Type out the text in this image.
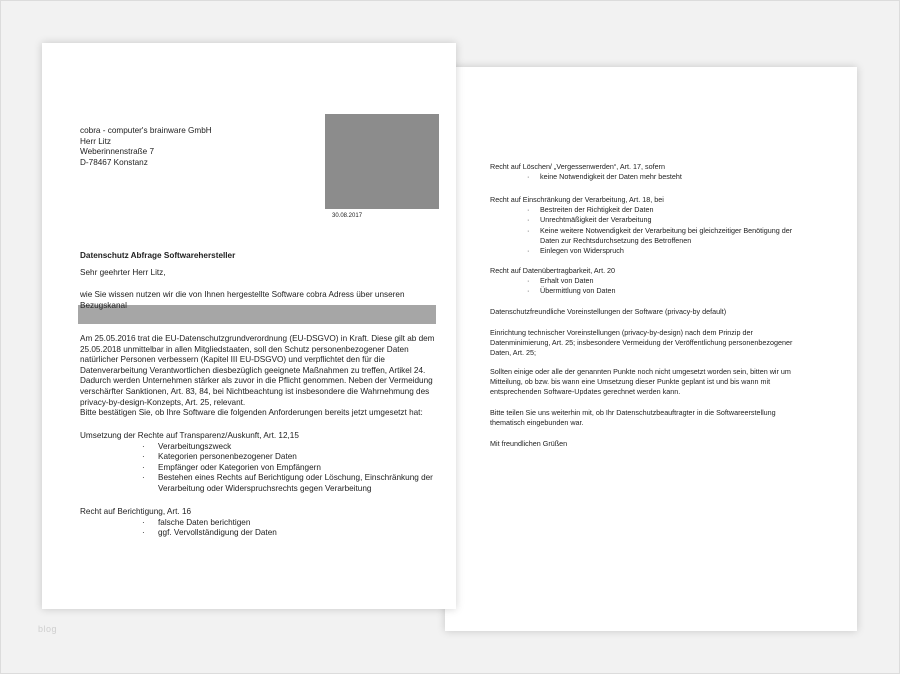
Recht auf Löschen/ „Vergessenwerden“, Art. 17, sofern
· keine Notwendigkeit der Daten mehr besteht
Recht auf Einschränkung der Verarbeitung, Art. 18, bei
· Bestreiten der Richtigkeit der Daten
· Unrechtmäßigkeit der Verarbeitung
· Keine weitere Notwendigkeit der Verarbeitung bei gleichzeitiger Benötigung der
Daten zur Rechtsdurchsetzung des Betroffenen
· Einlegen von Widerspruch
Recht auf Datenübertragbarkeit, Art. 20
· Erhalt von Daten
· Übermittlung von Daten
Datenschutzfreundliche Voreinstellungen der Software (privacy-by default)
Einrichtung technischer Voreinstellungen (privacy-by-design) nach dem Prinzip der
Datenminimierung, Art. 25; insbesondere Vermeidung der Veröffentlichung personenbezogener
Daten, Art. 25;
Sollten einige oder alle der genannten Punkte noch nicht umgesetzt worden sein, bitten wir um
Mitteilung, ob bzw. bis wann eine Umsetzung dieser Punkte geplant ist und bis wann mit
entsprechenden Software-Updates gerechnet werden kann.
Bitte teilen Sie uns weiterhin mit, ob Ihr Datenschutzbeauftragter in die Softwareerstellung
thematisch eingebunden war.
Mit freundlichen Grüßen
cobra - computer's brainware GmbH
Herr Litz
Weberinnenstraße 7
D-78467 Konstanz
30.08.2017
Datenschutz Abfrage Softwarehersteller
Sehr geehrter Herr Litz,
wie Sie wissen nutzen wir die von Ihnen hergestellte Software cobra Adress über unseren
Bezugskanal
Am 25.05.2016 trat die EU-Datenschutzgrundverordnung (EU-DSGVO) in Kraft. Diese gilt ab dem
25.05.2018 unmittelbar in allen Mitgliedstaaten, soll den Schutz personenbezogener Daten
natürlicher Personen verbessern (Kapitel III EU-DSGVO) und verpflichtet den für die
Datenverarbeitung Verantwortlichen diesbezüglich geeignete Maßnahmen zu treffen, Artikel 24.
Dadurch werden Unternehmen stärker als zuvor in die Pflicht genommen. Neben der Vermeidung
verschärfter Sanktionen, Art. 83, 84, bei Nichtbeachtung ist insbesondere die Wahrnehmung des
privacy-by-design-Konzepts, Art. 25, relevant.
Bitte bestätigen Sie, ob Ihre Software die folgenden Anforderungen bereits jetzt umgesetzt hat:
Umsetzung der Rechte auf Transparenz/Auskunft, Art. 12,15
· Verarbeitungszweck
· Kategorien personenbezogener Daten
· Empfänger oder Kategorien von Empfängern
· Bestehen eines Rechts auf Berichtigung oder Löschung, Einschränkung der
Verarbeitung oder Widerspruchsrechts gegen Verarbeitung
Recht auf Berichtigung, Art. 16
· falsche Daten berichtigen
· ggf. Vervollständigung der Daten
blog
